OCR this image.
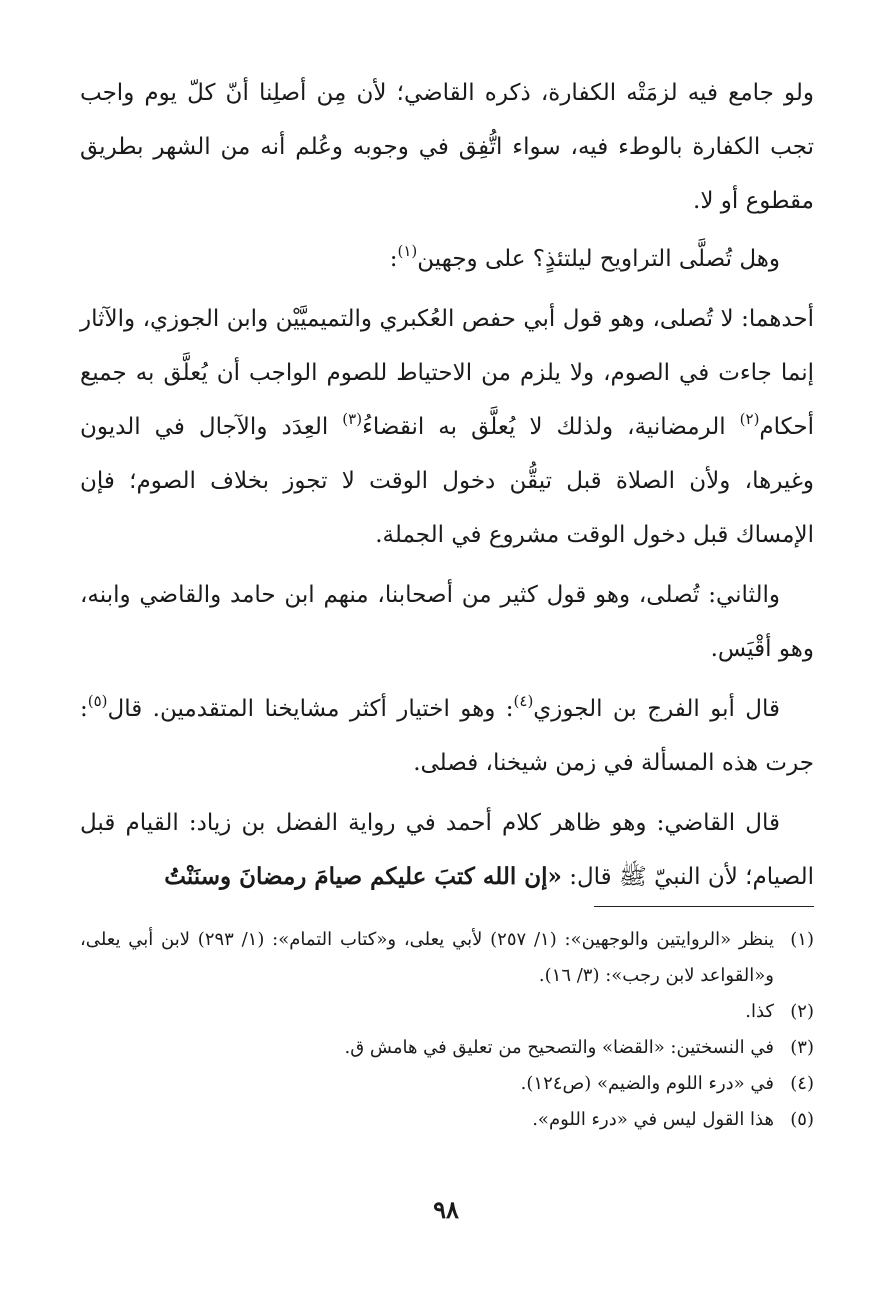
ولو جامع فيه لزمَتْه الكفارة، ذكره القاضي؛ لأن مِن أصلِنا أنّ كلّ يوم واجب تجب الكفارة بالوطء فيه، سواء اتُّفِق في وجوبه وعُلم أنه من الشهر بطريق مقطوع أو لا.

وهل تُصلَّى التراويح ليلتئذٍ؟ على وجهين$^{(١)}$:

أحدهما: لا تُصلى، وهو قول أبي حفص العُكبري والتميميَّيْن وابن الجوزي، والآثار إنما جاءت في الصوم، ولا يلزم من الاحتياط للصوم الواجب أن يُعلَّق به جميع أحكام$^{(٢)}$ الرمضانية، ولذلك لا يُعلَّق به انقضاءُ$^{(٣)}$ العِدَد والآجال في الديون وغيرها، ولأن الصلاة قبل تيقُّن دخول الوقت لا تجوز بخلاف الصوم؛ فإن الإمساك قبل دخول الوقت مشروع في الجملة.

والثاني: تُصلى، وهو قول كثير من أصحابنا، منهم ابن حامد والقاضي وابنه، وهو أقْيَس.

قال أبو الفرج بن الجوزي$^{(٤)}$: وهو اختيار أكثر مشايخنا المتقدمين. قال$^{(٥)}$: جرت هذه المسألة في زمن شيخنا، فصلى.

قال القاضي: وهو ظاهر كلام أحمد في رواية الفضل بن زياد: القيام قبل الصيام؛ لأن النبيّ ﷺ قال: «إن الله كتبَ عليكم صيامَ رمضانَ وسنَنْتُ

(١)
ينظر «الروايتين والوجهين»: (١/ ٢٥٧) لأبي يعلى، و«كتاب التمام»: (١/ ٢٩٣) لابن أبي يعلى، و«القواعد لابن رجب»: (٣/ ١٦).
(٢)
كذا.
(٣)
في النسختين: «القضا» والتصحيح من تعليق في هامش ق.
(٤)
في «درء اللوم والضيم» (ص١٢٤).
(٥)
هذا القول ليس في «درء اللوم».
٩٨
